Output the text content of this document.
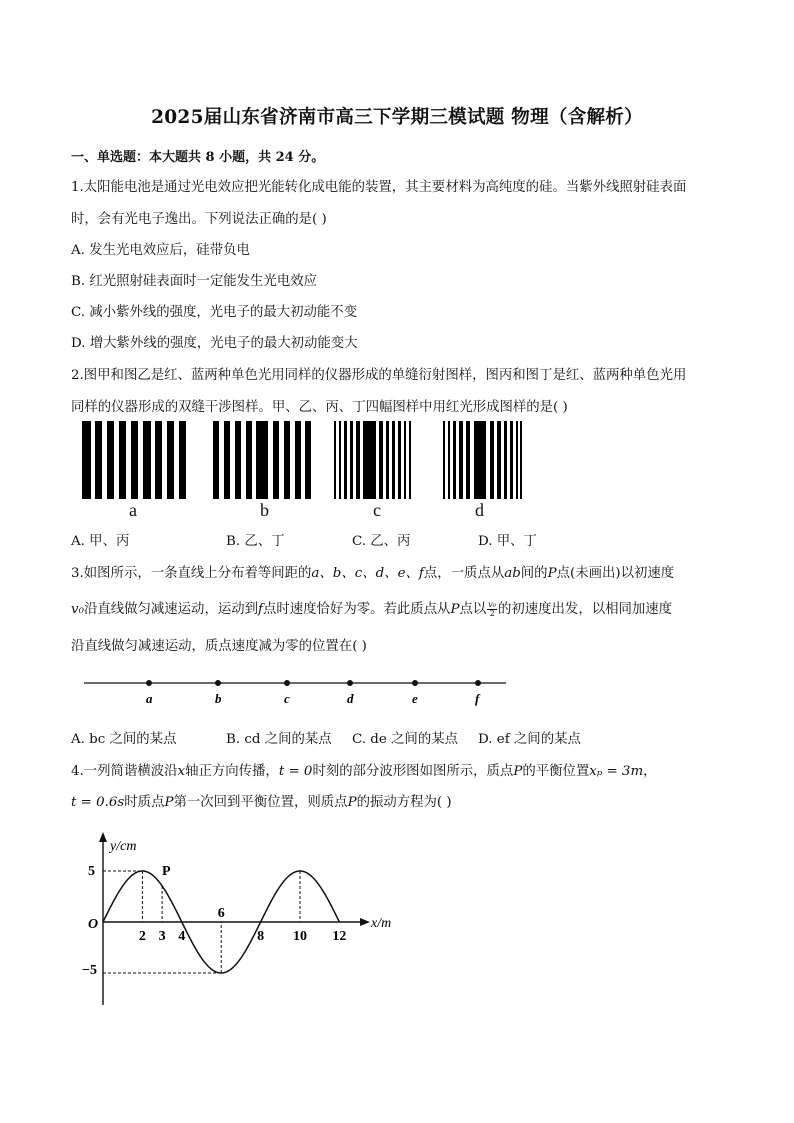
2025届山东省济南市高三下学期三模试题 物理（含解析）
一、单选题：本大题共 8 小题，共 24 分。
1.太阳能电池是通过光电效应把光能转化成电能的装置，其主要材料为高纯度的硅。当紫外线照射硅表面
时，会有光电子逸出。下列说法正确的是( )
A. 发生光电效应后，硅带负电
B. 红光照射硅表面时一定能发生光电效应
C. 减小紫外线的强度，光电子的最大初动能不变
D. 增大紫外线的强度，光电子的最大初动能变大
2.图甲和图乙是红、蓝两种单色光用同样的仪器形成的单缝衍射图样，图丙和图丁是红、蓝两种单色光用
同样的仪器形成的双缝干涉图样。甲、乙、丙、丁四幅图样中用红光形成图样的是( )
a	b	c	d
A. 甲、丙	B. 乙、丁	C. 乙、丙	D. 甲、丁
3.如图所示，一条直线上分布着等间距的a、b、c、d、e、f点，一质点从ab间的P点(未画出)以初速度
v₀沿直线做匀减速运动，运动到f点时速度恰好为零。若此质点从P点以 $\frac{\text{v₀}}{2}$ 的初速度出发，以相同加速度
沿直线做匀减速运动，质点速度减为零的位置在( )
a	b	c	d	e	f
A. bc 之间的某点	B. cd 之间的某点 C. de 之间的某点 D. ef 之间的某点
4.一列简谐横波沿x轴正方向传播，t = 0时刻的部分波形图如图所示，质点P的平衡位置xₚ = 3m，
t = 0.6s时质点P第一次回到平衡位置，则质点P的振动方程为( )
y/cm
x/m
O
5
−5
2 3 4
6
8 10 12
P
